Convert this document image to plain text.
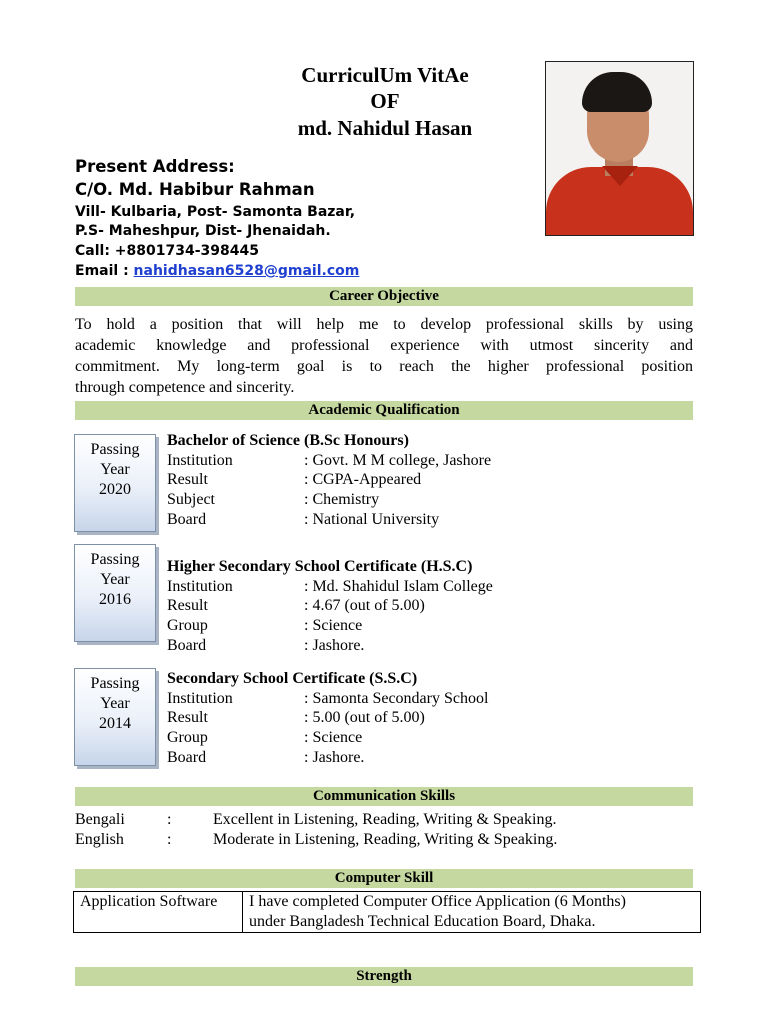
CurriculUm VitAe
OF
md. Nahidul Hasan
Present Address:
C/O. Md. Habibur Rahman
Vill- Kulbaria, Post- Samonta Bazar,
P.S- Maheshpur, Dist- Jhenaidah.
Call: +8801734-398445
Email : nahidhasan6528@gmail.com
Career Objective
To hold a position that will help me to develop professional skills by using
academic knowledge and professional experience with utmost sincerity and
commitment. My long-term goal is to reach the higher professional position
through competence and sincerity.
Academic Qualification
Passing
Year
2020
Bachelor of Science (B.Sc Honours)
Institution	: Govt. M M college, Jashore
Result	: CGPA-Appeared
Subject	: Chemistry
Board	: National University
Passing
Year
2016
Higher Secondary School Certificate (H.S.C)
Institution	: Md. Shahidul Islam College
Result	: 4.67 (out of 5.00)
Group	: Science
Board	: Jashore.
Passing
Year
2014
Secondary School Certificate (S.S.C)
Institution	: Samonta Secondary School
Result	: 5.00 (out of 5.00)
Group	: Science
Board	: Jashore.
Communication Skills
Bengali	:	Excellent in Listening, Reading, Writing & Speaking.
English	:	Moderate in Listening, Reading, Writing & Speaking.
Computer Skill
Application Software	I have completed Computer Office Application (6 Months)
under Bangladesh Technical Education Board, Dhaka.
Strength
